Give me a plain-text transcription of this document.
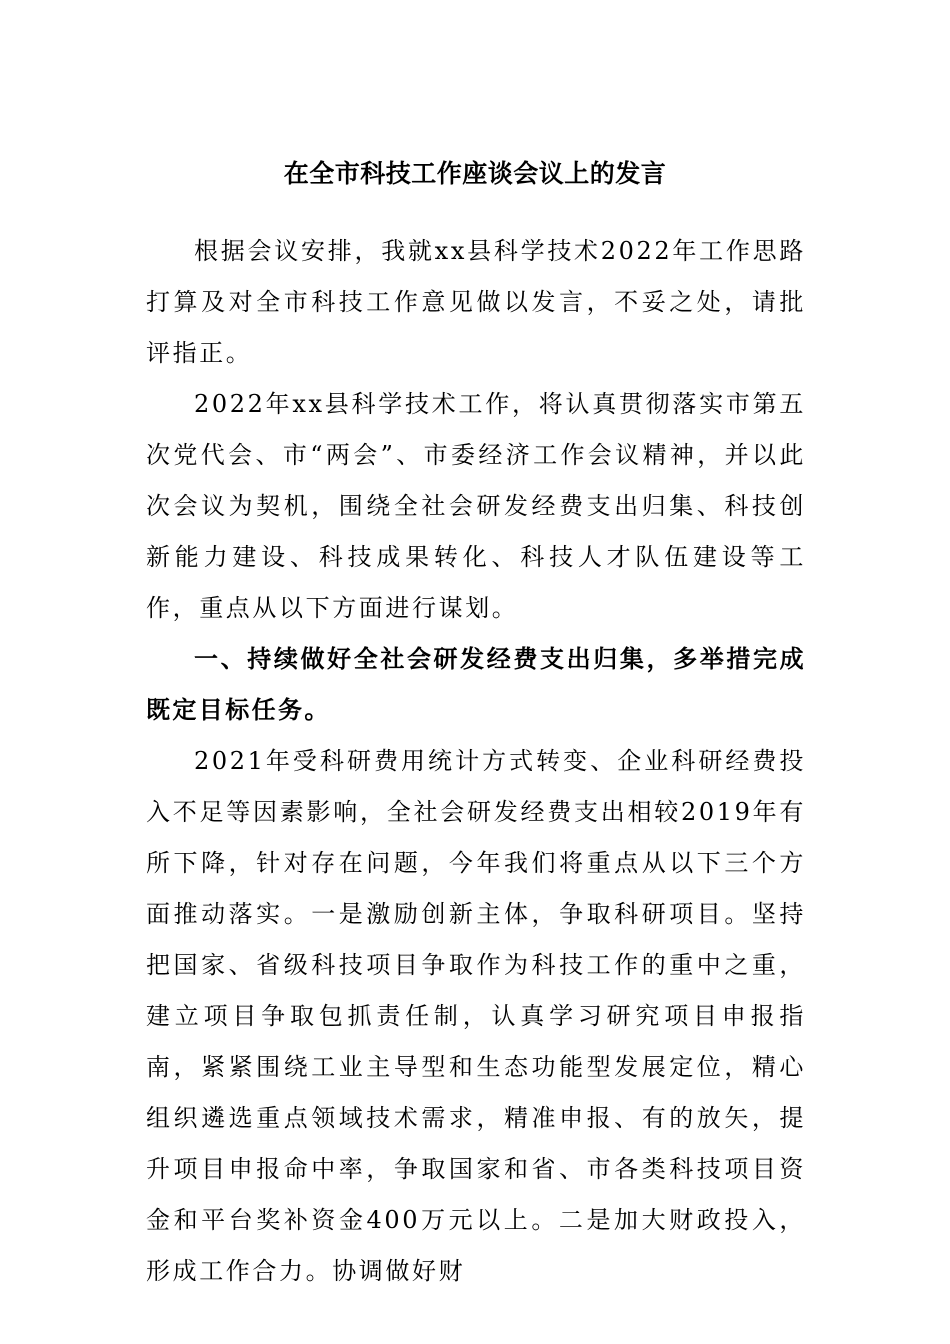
在全市科技工作座谈会议上的发言

根据会议安排，我就xx县科学技术2022年工作思路打算及对全市科技工作意见做以发言，不妥之处，请批评指正。

2022年xx县科学技术工作，将认真贯彻落实市第五次党代会、市“两会”、市委经济工作会议精神，并以此次会议为契机，围绕全社会研发经费支出归集、科技创新能力建设、科技成果转化、科技人才队伍建设等工作，重点从以下方面进行谋划。

一、持续做好全社会研发经费支出归集，多举措完成既定目标任务。

2021年受科研费用统计方式转变、企业科研经费投入不足等因素影响，全社会研发经费支出相较2019年有所下降，针对存在问题，今年我们将重点从以下三个方面推动落实。一是激励创新主体，争取科研项目。坚持把国家、省级科技项目争取作为科技工作的重中之重，建立项目争取包抓责任制，认真学习研究项目申报指南，紧紧围绕工业主导型和生态功能型发展定位，精心组织遴选重点领域技术需求，精准申报、有的放矢，提升项目申报命中率，争取国家和省、市各类科技项目资金和平台奖补资金400万元以上。二是加大财政投入，形成工作合力。协调做好财
